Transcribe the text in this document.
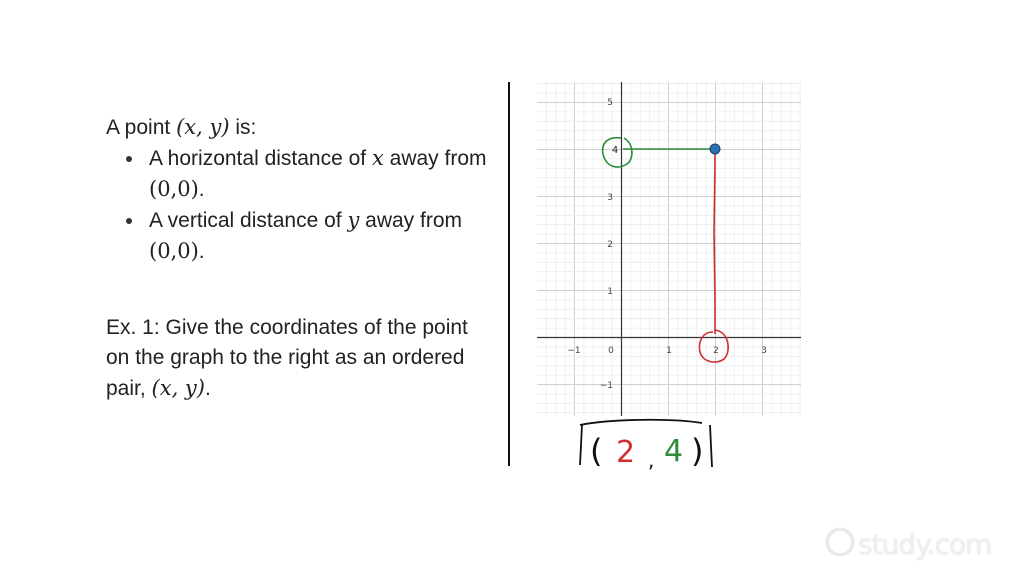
A point (x, y) is:

A horizontal distance of x away from (0,0).
A vertical distance of y away from (0,0).

Ex. 1: Give the coordinates of the point on the graph to the right as an ordered pair, (x, y).

−1	0	1	2	3
5
4
3
2
1
−1
( 2 , 4 )
study.com
